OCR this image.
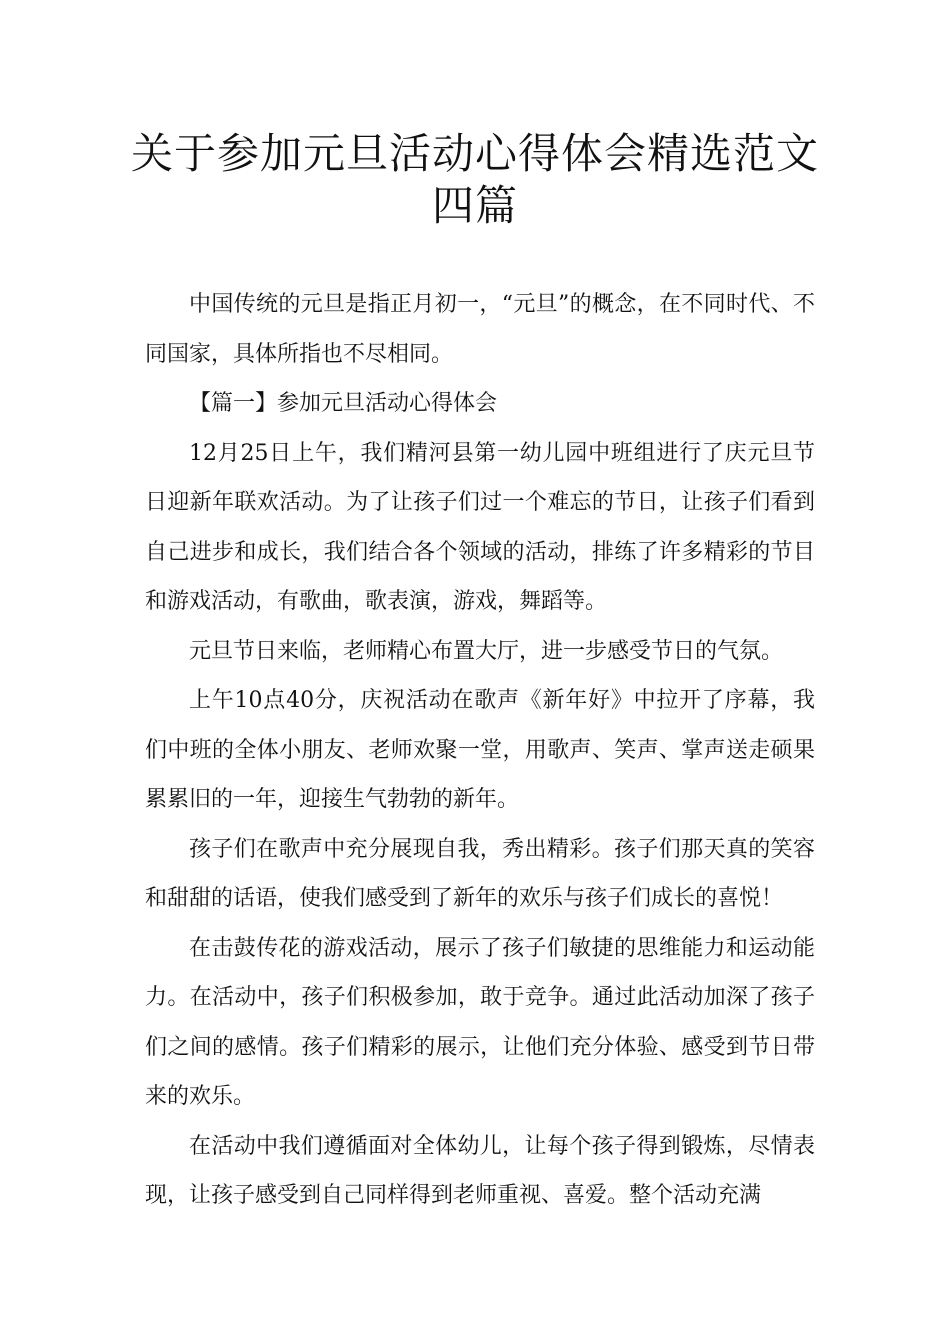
关于参加元旦活动心得体会精选范文四篇

中国传统的元旦是指正月初一，“元旦”的概念，在不同时代、不同国家，具体所指也不尽相同。

【篇一】参加元旦活动心得体会

12月25日上午，我们精河县第一幼儿园中班组进行了庆元旦节日迎新年联欢活动。为了让孩子们过一个难忘的节日，让孩子们看到自己进步和成长，我们结合各个领域的活动，排练了许多精彩的节目和游戏活动，有歌曲，歌表演，游戏，舞蹈等。

元旦节日来临，老师精心布置大厅，进一步感受节日的气氛。

上午10点40分，庆祝活动在歌声《新年好》中拉开了序幕，我们中班的全体小朋友、老师欢聚一堂，用歌声、笑声、掌声送走硕果累累旧的一年，迎接生气勃勃的新年。

孩子们在歌声中充分展现自我，秀出精彩。孩子们那天真的笑容和甜甜的话语，使我们感受到了新年的欢乐与孩子们成长的喜悦！

在击鼓传花的游戏活动，展示了孩子们敏捷的思维能力和运动能力。在活动中，孩子们积极参加，敢于竞争。通过此活动加深了孩子们之间的感情。孩子们精彩的展示，让他们充分体验、感受到节日带来的欢乐。

在活动中我们遵循面对全体幼儿，让每个孩子得到锻炼，尽情表现，让孩子感受到自己同样得到老师重视、喜爱。整个活动充满
